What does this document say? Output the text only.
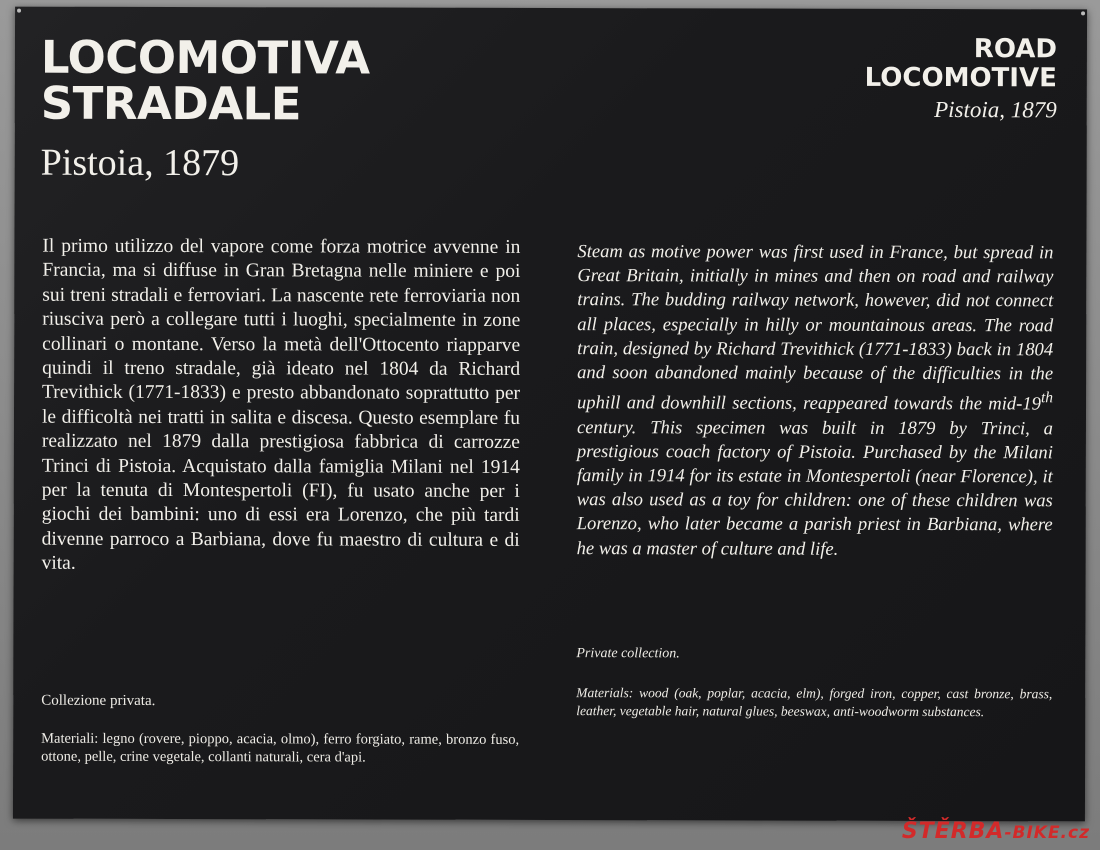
LOCOMOTIVA
STRADALE
Pistoia, 1879
ROAD
LOCOMOTIVE
Pistoia, 1879

Il primo utilizzo del vapore come forza motrice avvenne in Francia, ma si diffuse in Gran Bretagna nelle miniere e poi sui treni stradali e ferroviari. La nascente rete ferroviaria non riusciva però a collegare tutti i luoghi, specialmente in zone collinari o montane. Verso la metà dell'Ottocento riapparve quindi il treno stradale, già ideato nel 1804 da Richard Trevithick (1771-1833) e presto abbandonato soprattutto per le difficoltà nei tratti in salita e discesa. Questo esemplare fu realizzato nel 1879 dalla prestigiosa fabbrica di carrozze Trinci di Pistoia. Acquistato dalla famiglia Milani nel 1914 per la tenuta di Montespertoli (FI), fu usato anche per i giochi dei bambini: uno di essi era Lorenzo, che più tardi divenne parroco a Barbiana, dove fu maestro di cultura e di vita.

Collezione privata.

Materiali: legno (rovere, pioppo, acacia, olmo), ferro forgiato, rame, bronzo fuso, ottone, pelle, crine vegetale, collanti naturali, cera d'api.

Steam as motive power was first used in France, but spread in Great Britain, initially in mines and then on road and railway trains. The budding railway network, however, did not connect all places, especially in hilly or mountainous areas. The road train, designed by Richard Trevithick (1771-1833) back in 1804 and soon abandoned mainly because of the difficulties in the uphill and downhill sections, reappeared towards the mid-19th century. This specimen was built in 1879 by Trinci, a prestigious coach factory of Pistoia. Purchased by the Milani family in 1914 for its estate in Montespertoli (near Florence), it was also used as a toy for children: one of these children was Lorenzo, who later became a parish priest in Barbiana, where he was a master of culture and life.

Private collection.

Materials: wood (oak, poplar, acacia, elm), forged iron, copper, cast bronze, brass, leather, vegetable hair, natural glues, beeswax, anti-woodworm substances.

ŠTĚRBA-BIKE.cz
